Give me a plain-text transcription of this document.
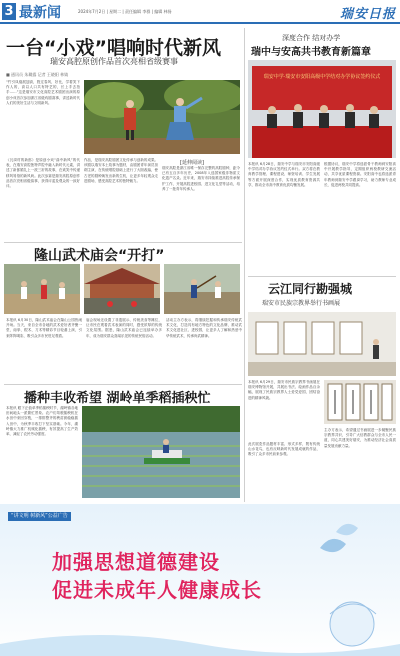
3 最新闻	2024年7月2日 | 星期二 | 责任编辑 李群 | 编辑 林扬	瑞安日报
一台“小戏”唱响时代新风
瑞安高腔原创作品首次亮相省级赛事
■ 通讯员 朱璐露 记者 王晓阳 林婧
“竹引凤凰展翅高，胜过春风，好比，学着笑下作人的，高以人口共有特艺的，长上手去拍手……”这是瑞安市文化高腔艺术剧团出演的原创小戏首次参加浙江省级戏剧赛事，讲述新时代人们的美好生活与文明新风。
《瓦岗村的新郎》是原创小戏“曲中新风”的代表，在瑞安高腔独特声腔中融入新时代元素，讲述了新郎婚礼上一波三折的故事，在欢笑中传递移风易俗的新风尚。此次参赛是瑞安高腔原创作品首次亮相省级赛事，获得评委及观众的一致好评。
作品，是瑞安高腔剧团文化传承与创新的成果。该剧以瑞安本土故事为题材，由剧团青年演员担纲主演，在传统唱腔基础上进行了大胆改编，使古老的剧种焕发出新的生机，让更多年轻观众走进剧场，感受高腔艺术的独特魅力。
[延伸阅读]
瑞安高腔是浙江省唯一保存完整的高腔剧种，距今已有五百多年历史，2008年入选国家级非物质文化遗产名录。近年来，瑞安市持续推进高腔传承保护工作，开展高腔进校园、进文化礼堂等活动，培养了一批青年传承人。
隆山武术庙会“开打”
本报讯 6月30日，隆山武术庙会在隆山公园热闹开场。当天，来自全市各地的武术爱好者齐聚一堂，南拳、棍术、刀术等精彩节目轮番上演，引来阵阵喝彩，吸引众多市民驻足观看。
庙会现场还设置了非遗展示、传统美食等摊位，让市民在观看武术表演的同时，感受浓厚的传统文化氛围。据悉，隆山武术庙会已连续举办多年，成为瑞安群众喜闻乐见的传统民俗活动。
活动主办方表示，将继续挖掘和传承瑞安传统武术文化，打造具有地方特色的文化品牌，推动武术文化进社区、进校园，让更多人了解和热爱中华传统武术，传承尚武精神。
播种丰收希望 湖岭单季稻插秧忙
本报讯 眼下正值单季稻插秧时节，湖岭镇各地田间地头一派繁忙景象。农户们驾驶插秧机在水田中来回穿梭，一排排整齐的秧苗被稳稳插入田中，为秋季丰收打下坚实基础。今年，湖岭镇大力推广机械化插秧，有效提高了生产效率，减轻了农民劳动强度。
深度合作 结对办学
瑞中与安高共书教育新篇章
瑞安中学·瑞安市安阳高级中学结对办学协议签约仪式
本报讯 6月28日，瑞安中学与瑞安市安阳高级中学结对办学协议签约仪式举行。双方将在教育教学管理、课程建设、师资培训、学生发展等方面开展深度合作，实现优质教育资源共享，推动全市高中教育优质均衡发展。
根据协议，瑞安中学将选派骨干教师到安阳高中开展教学指导，定期组织两校教研交流活动，共享优质课程资源。安阳高中也将选派青年教师到瑞安中学跟岗学习，助力教师专业成长，促进两校共同提高。
云江同行勘强城
瑞安市民族宗教界举行书画展
本报讯 6月29日，瑞安市民族宗教界书画展在瑞安博物馆开展，共展出书法、绘画作品百余幅，展现了民族宗教界人士爱党爱国、团结奋进的精神风貌。
此次展览作品题材丰富、形式多样，既有传统山水花鸟，也有反映新时代发展成就的作品，吸引了众多市民前来参观。
主办方表示，希望通过书画展进一步凝聚民族宗教界共识，引导广大信教群众与全市人民一道，同心共建美好瑞安，为推动经济社会高质量发展贡献力量。
“讲文明 树新风”公益广告
加强思想道德建设
促进未成年人健康成长
